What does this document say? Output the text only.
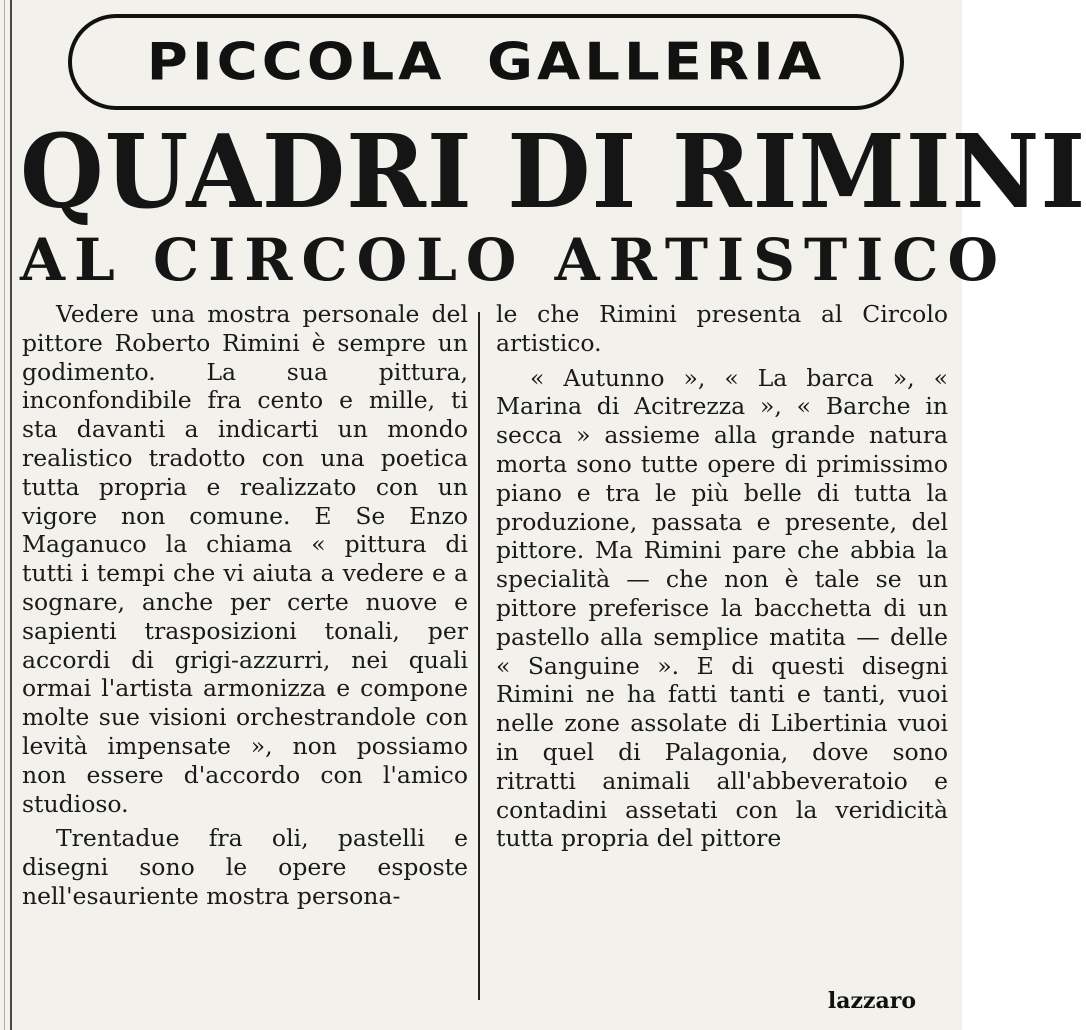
PICCOLA GALLERIA
QUADRI DI RIMINI
AL CIRCOLO ARTISTICO

Vedere una mostra personale del pittore Roberto Rimini è sempre un godimento. La sua pittura, inconfondibile fra cento e mille, ti sta davanti a indicarti un mondo realistico tradotto con una poetica tutta propria e realizzato con un vigore non comune. E Se Enzo Maganuco la chiama « pittura di tutti i tempi che vi aiuta a vedere e a sognare, anche per certe nuove e sapienti trasposizioni tonali, per accordi di grigi-azzurri, nei quali ormai l'artista armonizza e compone molte sue visioni orchestrandole con levità impensate », non possiamo non essere d'accordo con l'amico studioso.

Trentadue fra oli, pastelli e disegni sono le opere esposte nell'esauriente mostra persona-

le che Rimini presenta al Circolo artistico.

« Autunno », « La barca », « Marina di Acitrezza », « Barche in secca » assieme alla grande natura morta sono tutte opere di primissimo piano e tra le più belle di tutta la produzione, passata e presente, del pittore. Ma Rimini pare che abbia la specialità — che non è tale se un pittore preferisce la bacchetta di un pastello alla semplice matita — delle « Sanguine ». E di questi disegni Rimini ne ha fatti tanti e tanti, vuoi nelle zone assolate di Libertinia vuoi in quel di Palagonia, dove sono ritratti animali all'abbeveratoio e contadini assetati con la veridicità tutta propria del pittore

lazzaro
